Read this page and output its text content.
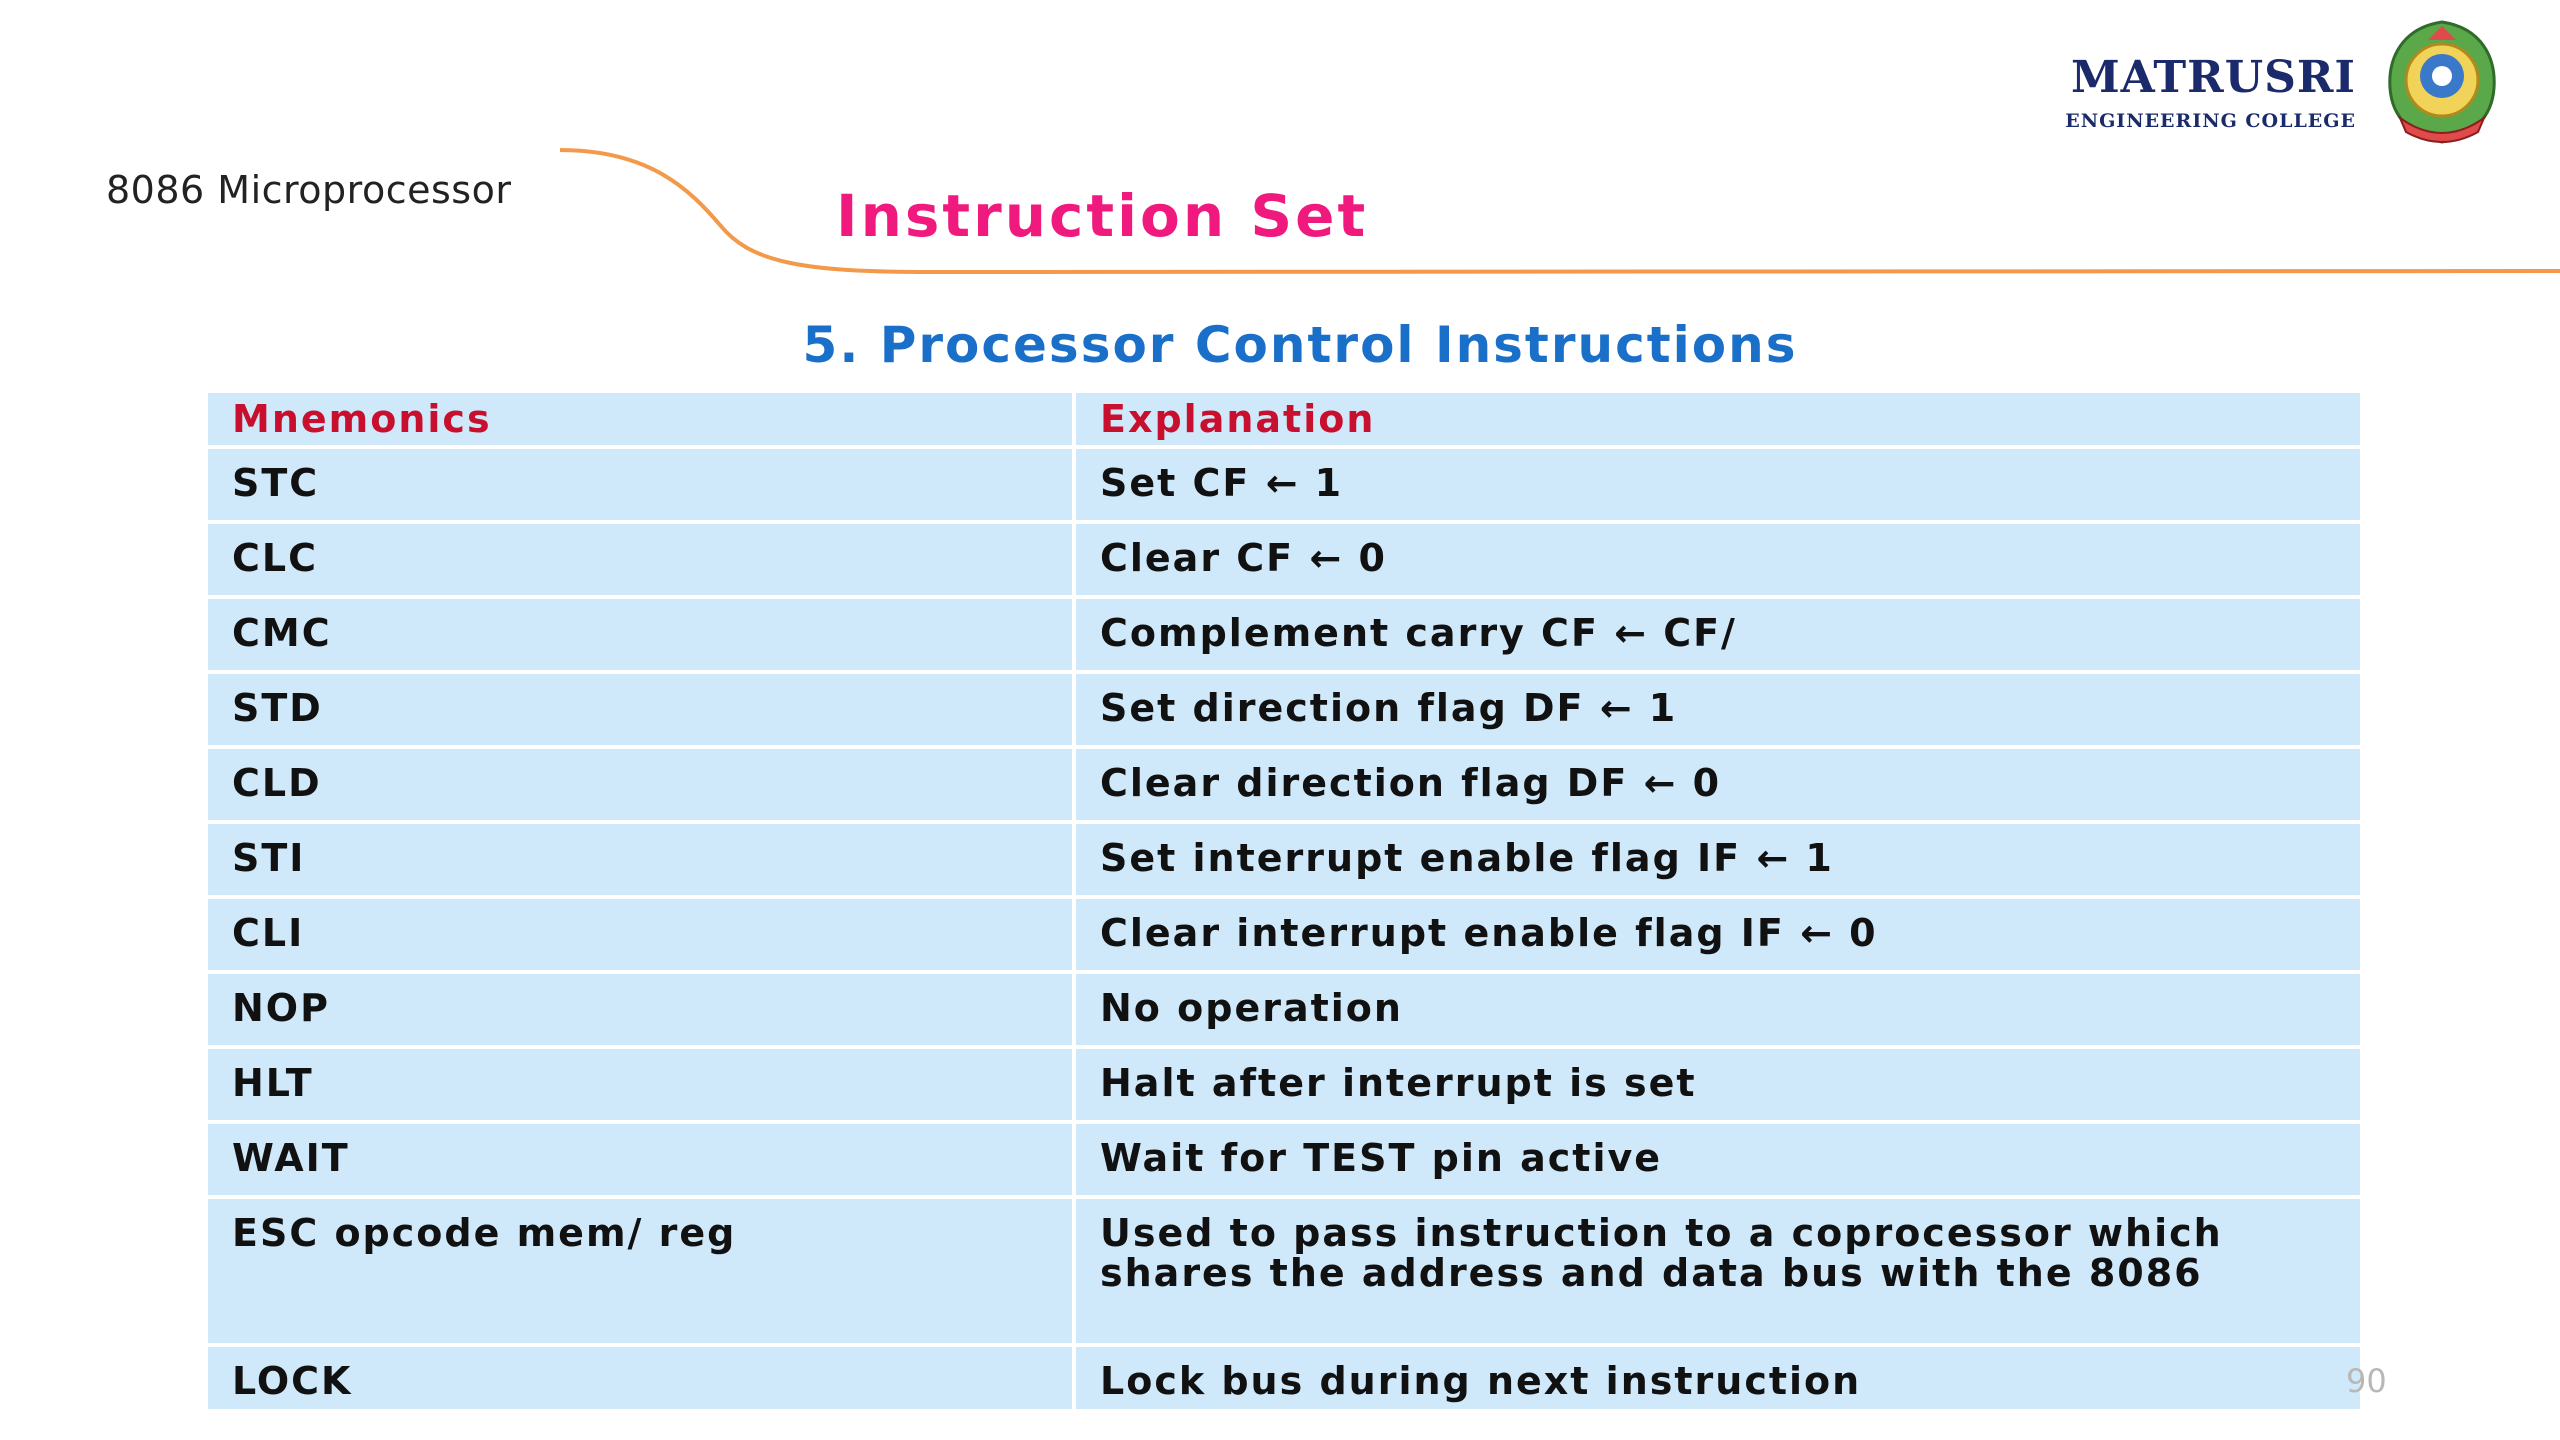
8086 Microprocessor	Instruction Set
MATRUSRI
ENGINEERING COLLEGE
5. Processor Control Instructions
Mnemonics	Explanation
STC	Set CF ← 1
CLC	Clear CF ← 0
CMC	Complement carry CF ← CF/
STD	Set direction flag DF ← 1
CLD	Clear direction flag DF ← 0
STI	Set interrupt enable flag IF ← 1
CLI	Clear interrupt enable flag IF ← 0
NOP	No operation
HLT	Halt after interrupt is set
WAIT	Wait for TEST pin active
ESC opcode mem/ reg	Used to pass instruction to a coprocessor which shares the address and data bus with the 8086
LOCK	Lock bus during next instruction	90
